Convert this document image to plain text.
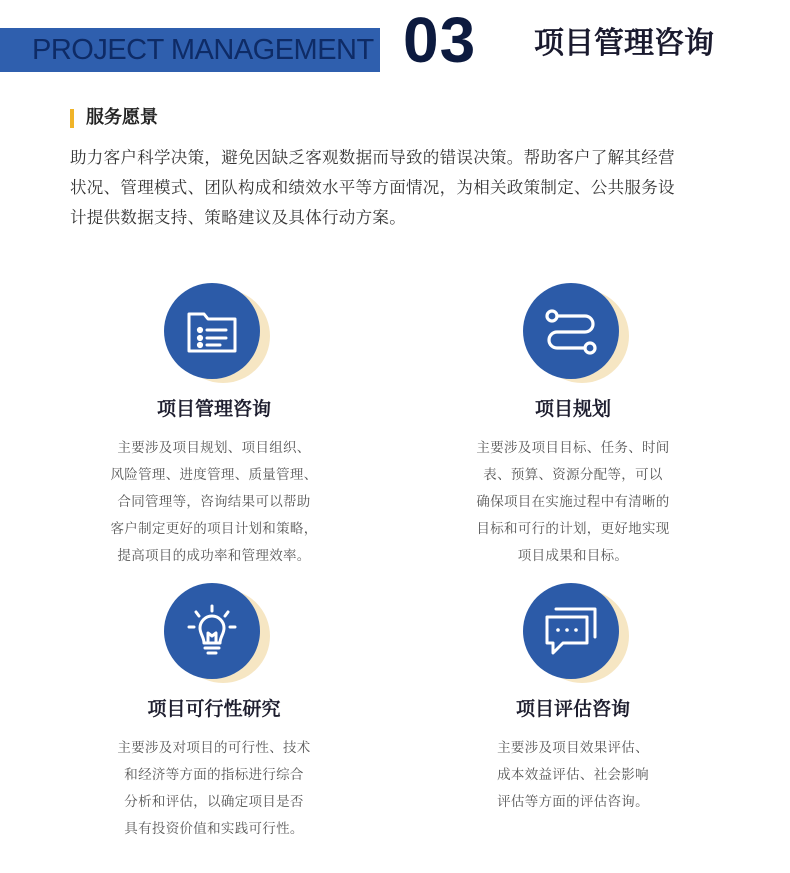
PROJECT MANAGEMENT 03 项目管理咨询
服务愿景

助力客户科学决策，避免因缺乏客观数据而导致的错误决策。帮助客户了解其经营

状况、管理模式、团队构成和绩效水平等方面情况，为相关政策制定、公共服务设

计提供数据支持、策略建议及具体行动方案。

项目管理咨询
主要涉及项目规划、项目组织、
风险管理、进度管理、质量管理、
合同管理等，咨询结果可以帮助
客户制定更好的项目计划和策略，
提高项目的成功率和管理效率。
项目规划
主要涉及项目目标、任务、时间
表、预算、资源分配等，可以
确保项目在实施过程中有清晰的
目标和可行的计划，更好地实现
项目成果和目标。
项目可行性研究
主要涉及对项目的可行性、技术
和经济等方面的指标进行综合
分析和评估，以确定项目是否
具有投资价值和实践可行性。
项目评估咨询
主要涉及项目效果评估、
成本效益评估、社会影响
评估等方面的评估咨询。
